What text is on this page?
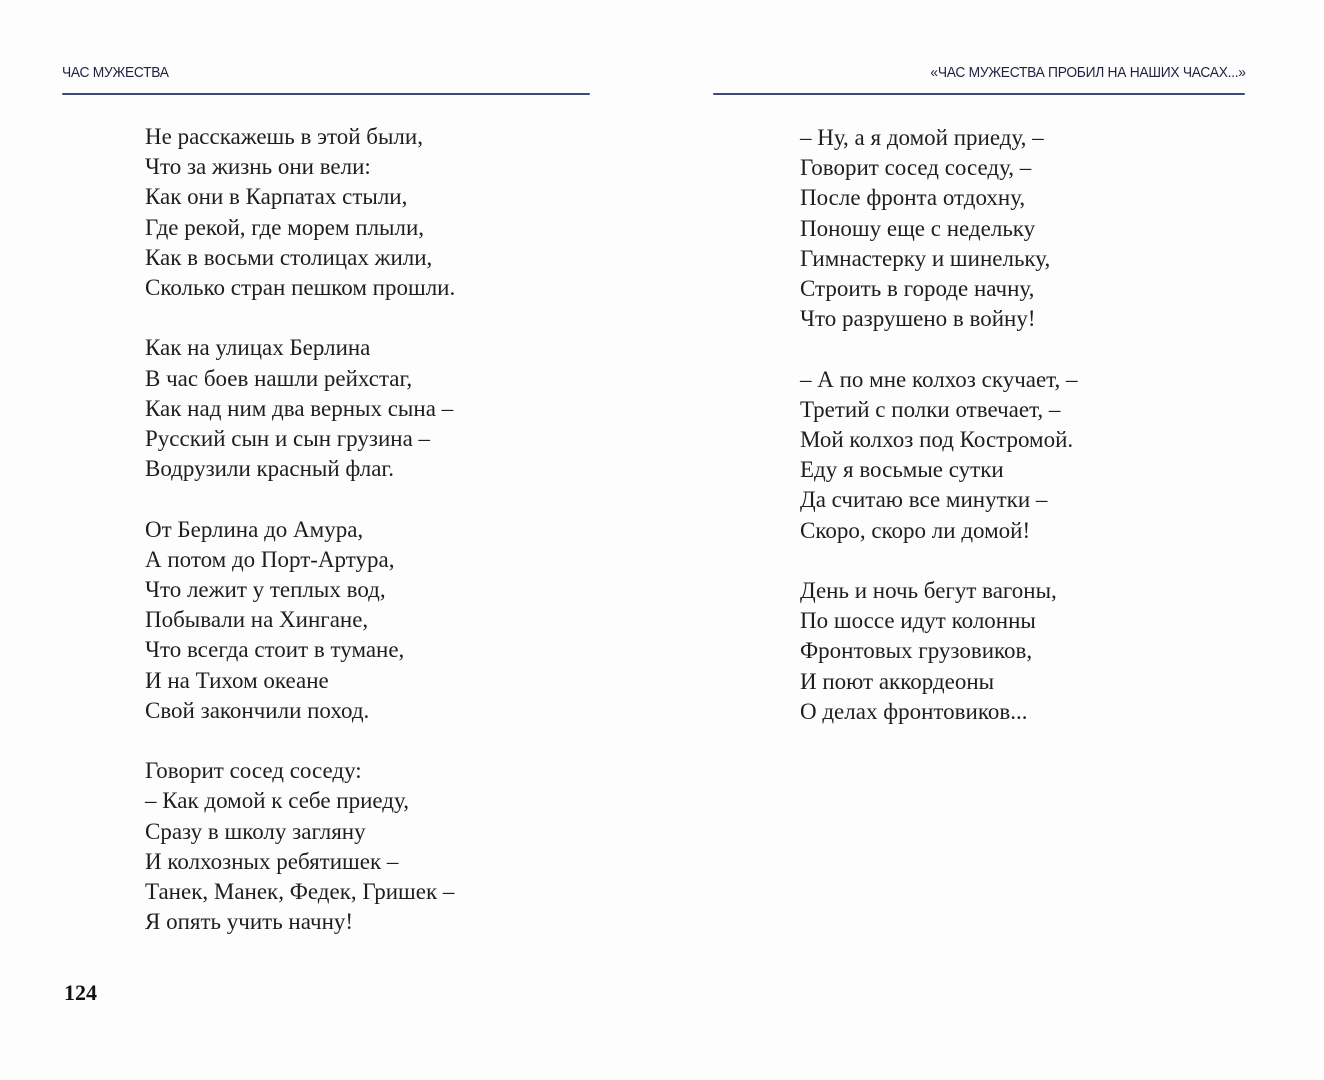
ЧАС МУЖЕСТВА	«ЧАС МУЖЕСТВА ПРОБИЛ НА НАШИХ ЧАСАХ...»
Не расскажешь в этой были,
Что за жизнь они вели:
Как они в Карпатах стыли,
Где рекой, где морем плыли,
Как в восьми столицах жили,
Сколько стран пешком прошли.
Как на улицах Берлина
В час боев нашли рейхстаг,
Как над ним два верных сына –
Русский сын и сын грузина –
Водрузили красный флаг.
От Берлина до Амура,
А потом до Порт-Артура,
Что лежит у теплых вод,
Побывали на Хингане,
Что всегда стоит в тумане,
И на Тихом океане
Свой закончили поход.
Говорит сосед соседу:
– Как домой к себе приеду,
Сразу в школу загляну
И колхозных ребятишек –
Танек, Манек, Федек, Гришек –
Я опять учить начну!
– Ну, а я домой приеду, –
Говорит сосед соседу, –
После фронта отдохну,
Поношу еще с недельку
Гимнастерку и шинельку,
Строить в городе начну,
Что разрушено в войну!
– А по мне колхоз скучает, –
Третий с полки отвечает, –
Мой колхоз под Костромой.
Еду я восьмые сутки
Да считаю все минутки –
Скоро, скоро ли домой!
День и ночь бегут вагоны,
По шоссе идут колонны
Фронтовых грузовиков,
И поют аккордеоны
О делах фронтовиков...
124
